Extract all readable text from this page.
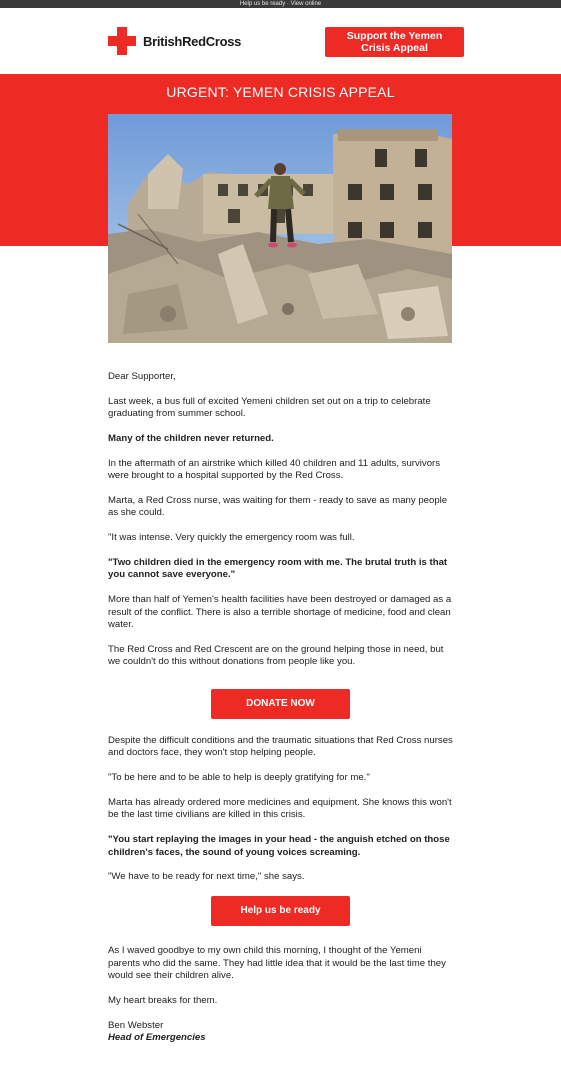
Help us be ready · View online
BritishRedCross	Support the Yemen
Crisis Appeal
URGENT: YEMEN CRISIS APPEAL

Dear Supporter,

Last week, a bus full of excited Yemeni children set out on a trip to celebrate graduating from summer school.

Many of the children never returned.

In the aftermath of an airstrike which killed 40 children and 11 adults, survivors were brought to a hospital supported by the Red Cross.

Marta, a Red Cross nurse, was waiting for them - ready to save as many people as she could.

"It was intense. Very quickly the emergency room was full.

"Two children died in the emergency room with me. The brutal truth is that you cannot save everyone."

More than half of Yemen's health facilities have been destroyed or damaged as a result of the conflict. There is also a terrible shortage of medicine, food and clean water.

The Red Cross and Red Crescent are on the ground helping those in need, but we couldn't do this without donations from people like you.

DONATE NOW

Despite the difficult conditions and the traumatic situations that Red Cross nurses and doctors face, they won't stop helping people.

"To be here and to be able to help is deeply gratifying for me."

Marta has already ordered more medicines and equipment. She knows this won't be the last time civilians are killed in this crisis.

"You start replaying the images in your head - the anguish etched on those children's faces, the sound of young voices screaming.

"We have to be ready for next time," she says.

Help us be ready

As I waved goodbye to my own child this morning, I thought of the Yemeni parents who did the same. They had little idea that it would be the last time they would see their children alive.

My heart breaks for them.

Ben Webster

Head of Emergencies
